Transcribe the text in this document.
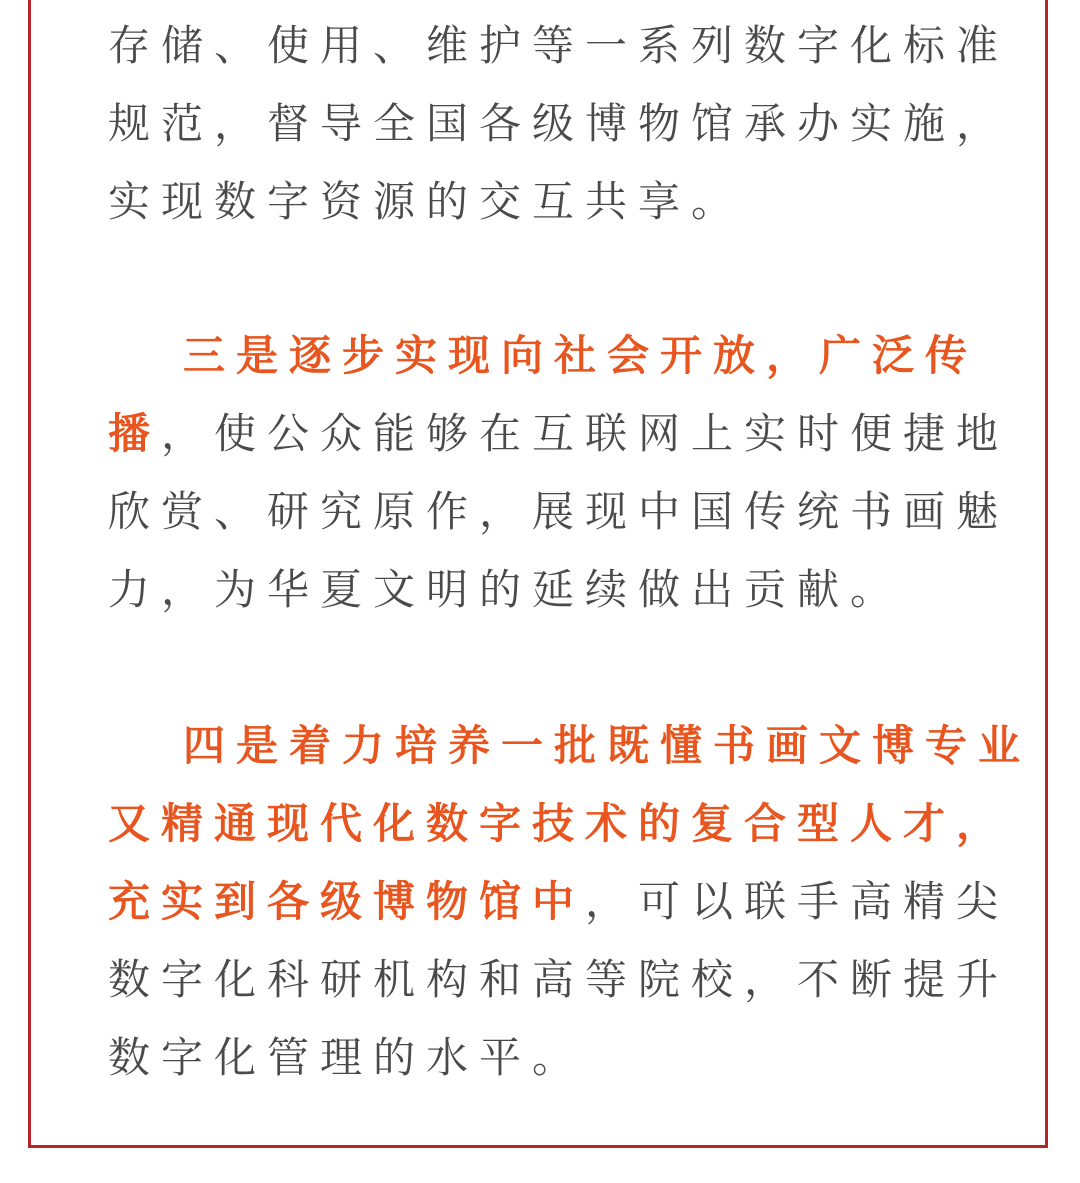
存储、使用、维护等一系列数字化标准
规范，督导全国各级博物馆承办实施，
实现数字资源的交互共享。

三是逐步实现向社会开放，广泛传
播，使公众能够在互联网上实时便捷地
欣赏、研究原作，展现中国传统书画魅
力，为华夏文明的延续做出贡献。

四是着力培养一批既懂书画文博专业
又精通现代化数字技术的复合型人才，
充实到各级博物馆中，可以联手高精尖
数字化科研机构和高等院校，不断提升
数字化管理的水平。
